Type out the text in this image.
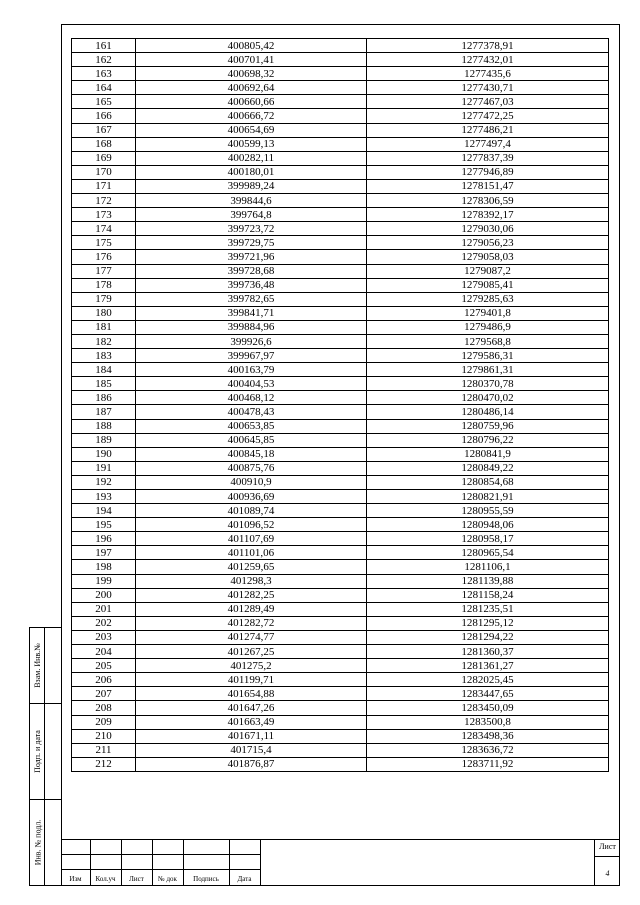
161	400805,42	1277378,91
162	400701,41	1277432,01
163	400698,32	1277435,6
164	400692,64	1277430,71
165	400660,66	1277467,03
166	400666,72	1277472,25
167	400654,69	1277486,21
168	400599,13	1277497,4
169	400282,11	1277837,39
170	400180,01	1277946,89
171	399989,24	1278151,47
172	399844,6	1278306,59
173	399764,8	1278392,17
174	399723,72	1279030,06
175	399729,75	1279056,23
176	399721,96	1279058,03
177	399728,68	1279087,2
178	399736,48	1279085,41
179	399782,65	1279285,63
180	399841,71	1279401,8
181	399884,96	1279486,9
182	399926,6	1279568,8
183	399967,97	1279586,31
184	400163,79	1279861,31
185	400404,53	1280370,78
186	400468,12	1280470,02
187	400478,43	1280486,14
188	400653,85	1280759,96
189	400645,85	1280796,22
190	400845,18	1280841,9
191	400875,76	1280849,22
192	400910,9	1280854,68
193	400936,69	1280821,91
194	401089,74	1280955,59
195	401096,52	1280948,06
196	401107,69	1280958,17
197	401101,06	1280965,54
198	401259,65	1281106,1
199	401298,3	1281139,88
200	401282,25	1281158,24
201	401289,49	1281235,51
202	401282,72	1281295,12
203	401274,77	1281294,22
204	401267,25	1281360,37
205	401275,2	1281361,27
206	401199,71	1282025,45
207	401654,88	1283447,65
208	401647,26	1283450,09
209	401663,49	1283500,8
210	401671,11	1283498,36
211	401715,4	1283636,72
212	401876,87	1283711,92
Взам. Инв.№
Подп. и дата
Инв. № подл.
Изм	Кол.уч	Лист	№ док	Подпись	Дата
Лист
4
